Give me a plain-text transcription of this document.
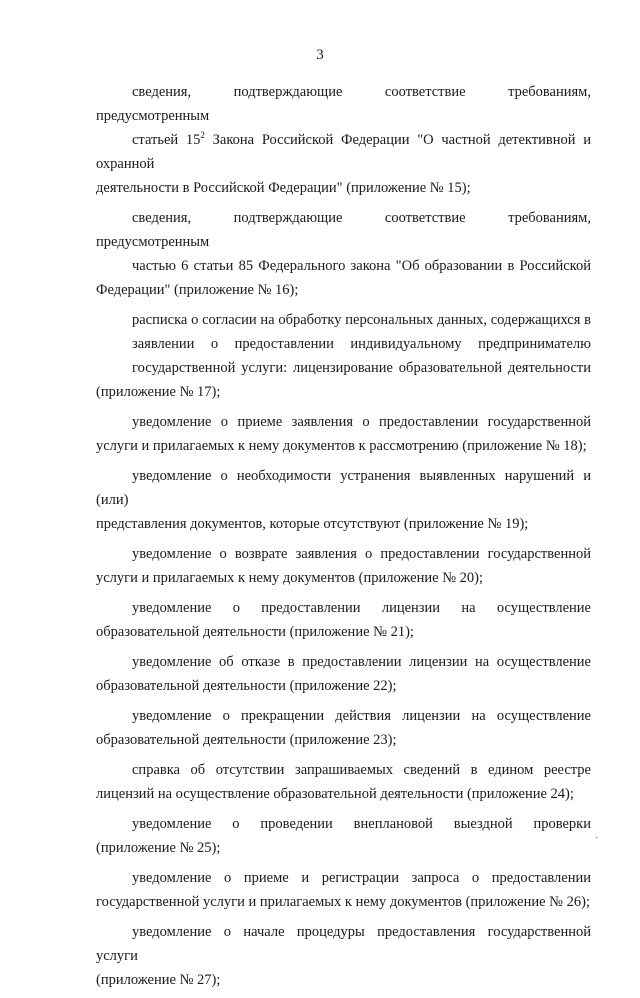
3

сведения, подтверждающие соответствие требованиям, предусмотренным
статьей $15^2$ Закона Российской Федерации "О частной детективной и охранной
деятельности в Российской Федерации" (приложение № 15);

сведения, подтверждающие соответствие требованиям, предусмотренным
частью 6 статьи 85 Федерального закона "Об образовании в Российской
Федерации" (приложение № 16);

расписка о согласии на обработку персональных данных, содержащихся в
заявлении о предоставлении индивидуальному предпринимателю
государственной услуги: лицензирование образовательной деятельности
(приложение № 17);

уведомление о приеме заявления о предоставлении государственной
услуги и прилагаемых к нему документов к рассмотрению (приложение № 18);

уведомление о необходимости устранения выявленных нарушений и (или)
представления документов, которые отсутствуют (приложение № 19);

уведомление о возврате заявления о предоставлении государственной
услуги и прилагаемых к нему документов (приложение № 20);

уведомление о предоставлении лицензии на осуществление
образовательной деятельности (приложение № 21);

уведомление об отказе в предоставлении лицензии на осуществление
образовательной деятельности (приложение 22);

уведомление о прекращении действия лицензии на осуществление
образовательной деятельности (приложение 23);

справка об отсутствии запрашиваемых сведений в едином реестре
лицензий на осуществление образовательной деятельности (приложение 24);

уведомление о проведении внеплановой выездной проверки
(приложение № 25);

уведомление о приеме и регистрации запроса о предоставлении
государственной услуги и прилагаемых к нему документов (приложение № 26);

уведомление о начале процедуры предоставления государственной услуги
(приложение № 27);

·
